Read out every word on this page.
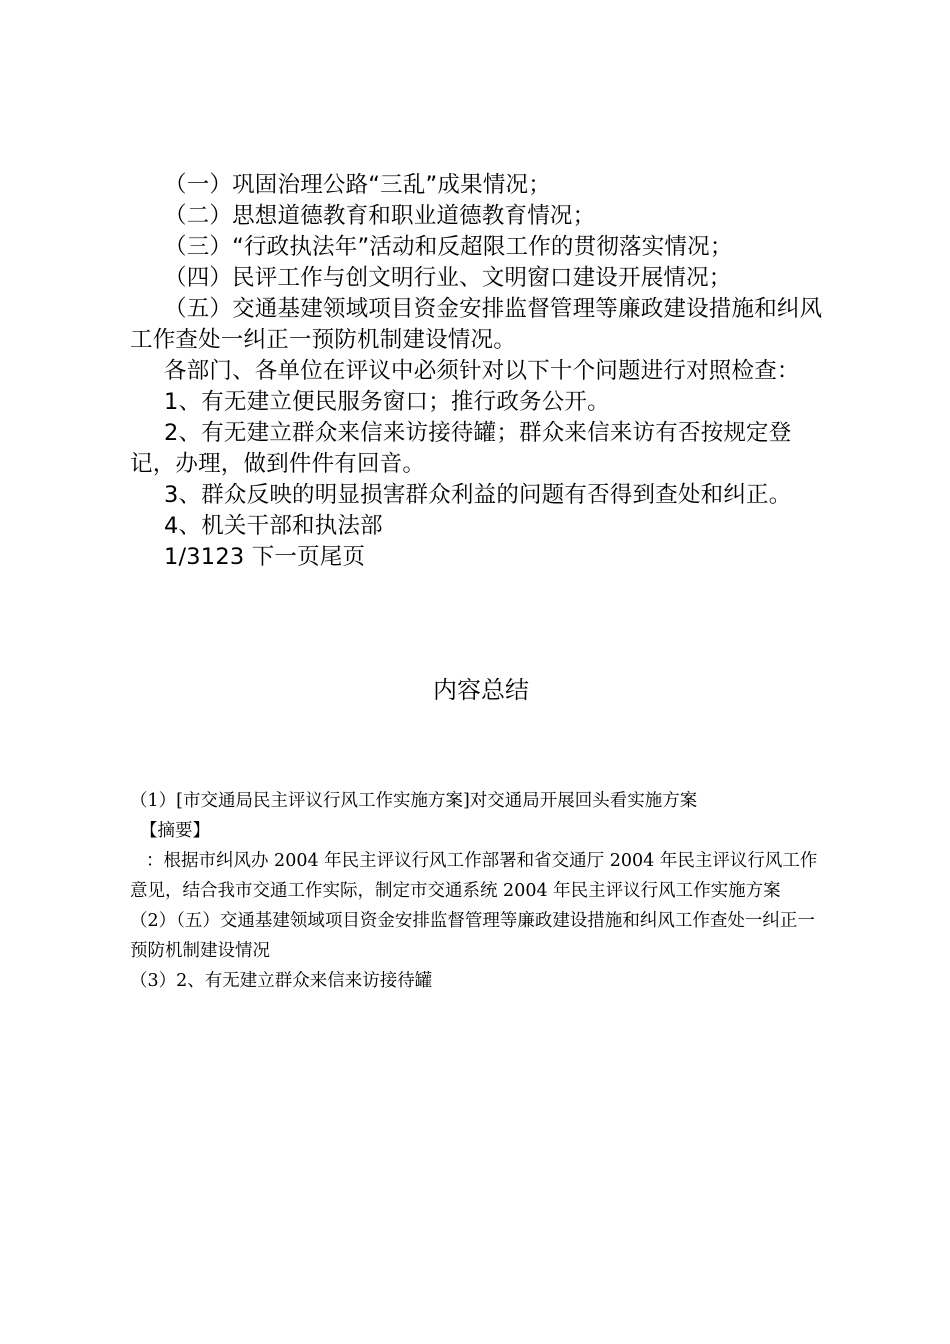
（一）巩固治理公路“三乱”成果情况；

（二）思想道德教育和职业道德教育情况；

（三）“行政执法年”活动和反超限工作的贯彻落实情况；

（四）民评工作与创文明行业、文明窗口建设开展情况；

（五）交通基建领域项目资金安排监督管理等廉政建设措施和纠风工作查处一纠正一预防机制建设情况。

各部门、各单位在评议中必须针对以下十个问题进行对照检查：

1、有无建立便民服务窗口；推行政务公开。

2、有无建立群众来信来访接待罐；群众来信来访有否按规定登记，办理，做到件件有回音。

3、群众反映的明显损害群众利益的问题有否得到查处和纠正。

4、机关干部和执法部

1/3123 下一页尾页

内容总结

（1）[市交通局民主评议行风工作实施方案]对交通局开展回头看实施方案

【摘要】

：根据市纠风办 2004 年民主评议行风工作部署和省交通厅 2004 年民主评议行风工作意见，结合我市交通工作实际，制定市交通系统 2004 年民主评议行风工作实施方案

（2）（五）交通基建领域项目资金安排监督管理等廉政建设措施和纠风工作查处一纠正一预防机制建设情况

（3）2、有无建立群众来信来访接待罐
